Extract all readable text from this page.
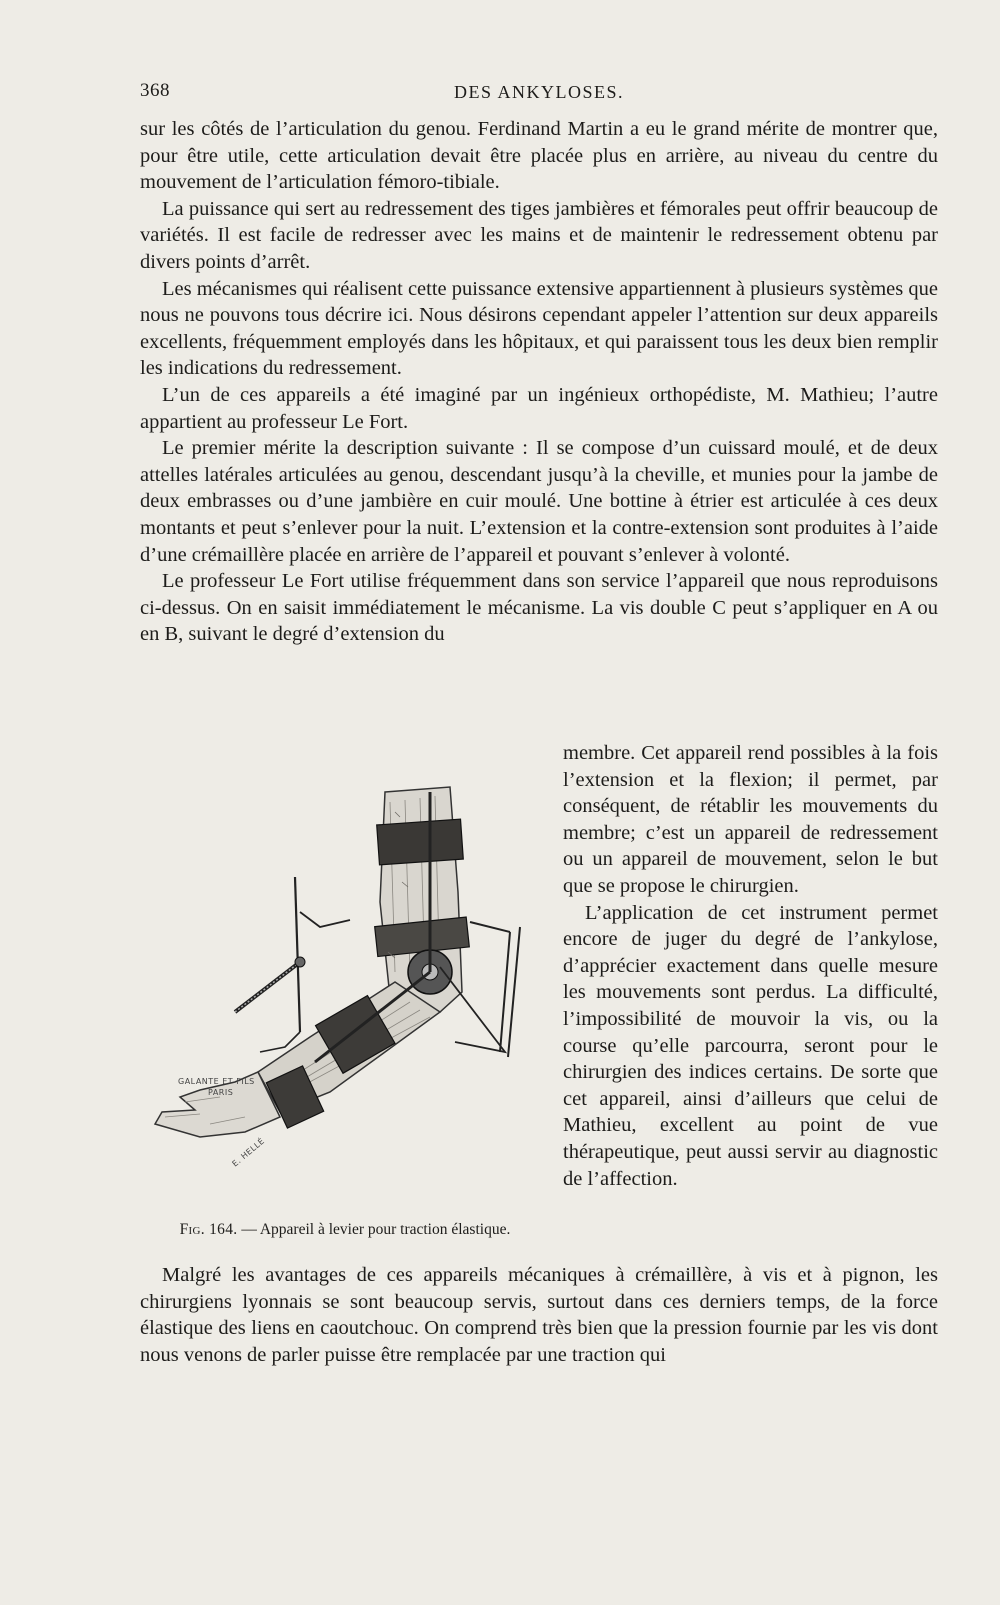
368	DES ANKYLOSES.

sur les côtés de l’articulation du genou. Ferdinand Martin a eu le grand mérite de montrer que, pour être utile, cette articulation devait être placée plus en arrière, au niveau du centre du mouvement de l’articulation fémoro-tibiale.

La puissance qui sert au redressement des tiges jambières et fémorales peut offrir beaucoup de variétés. Il est facile de redresser avec les mains et de maintenir le redressement obtenu par divers points d’arrêt.

Les mécanismes qui réalisent cette puissance extensive appartiennent à plusieurs systèmes que nous ne pouvons tous décrire ici. Nous désirons cependant appeler l’attention sur deux appareils excellents, fréquemment employés dans les hôpitaux, et qui paraissent tous les deux bien remplir les indications du redressement.

L’un de ces appareils a été imaginé par un ingénieux orthopédiste, M. Mathieu; l’autre appartient au professeur Le Fort.

Le premier mérite la description suivante : Il se compose d’un cuissard moulé, et de deux attelles latérales articulées au genou, descendant jusqu’à la cheville, et munies pour la jambe de deux embrasses ou d’une jambière en cuir moulé. Une bottine à étrier est articulée à ces deux montants et peut s’enlever pour la nuit. L’extension et la contre-extension sont produites à l’aide d’une crémaillère placée en arrière de l’appareil et pouvant s’enlever à volonté.

Le professeur Le Fort utilise fréquemment dans son service l’appareil que nous reproduisons ci-dessus. On en saisit immédiatement le mécanisme. La vis double C peut s’appliquer en A ou en B, suivant le degré d’extension du

GALANTE ET FILS
PARIS
E. HELLÉ
Fig. 164. — Appareil à levier pour traction élastique.

membre. Cet appareil rend possibles à la fois l’extension et la flexion; il permet, par conséquent, de rétablir les mouvements du membre; c’est un appareil de redressement ou un appareil de mouvement, selon le but que se propose le chirurgien.

L’application de cet instrument permet encore de juger du degré de l’ankylose, d’apprécier exactement dans quelle mesure les mouvements sont perdus. La difficulté, l’impossibilité de mouvoir la vis, ou la course qu’elle parcourra, seront pour le chirurgien des indices certains. De sorte que cet appareil, ainsi d’ailleurs que celui de Mathieu, excellent au point de vue thérapeutique, peut aussi servir au diagnostic de l’affection.

Malgré les avantages de ces appareils mécaniques à crémaillère, à vis et à pignon, les chirurgiens lyonnais se sont beaucoup servis, surtout dans ces derniers temps, de la force élastique des liens en caoutchouc. On comprend très bien que la pression fournie par les vis dont nous venons de parler puisse être remplacée par une traction qui
